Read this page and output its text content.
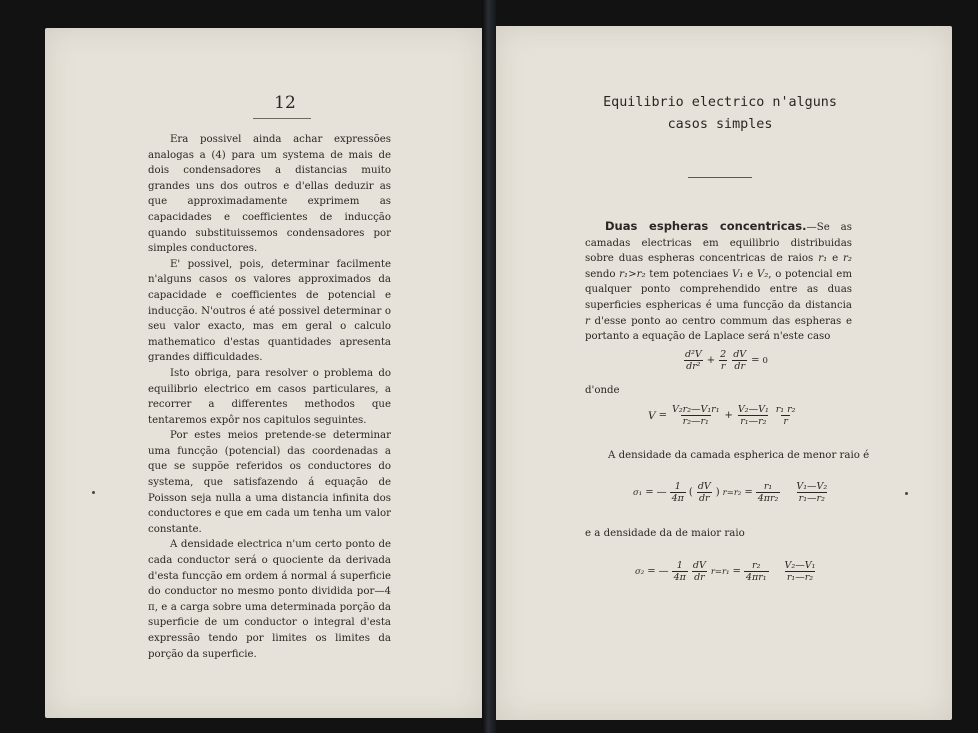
12

Era possivel ainda achar expressões analogas a (4) para um systema de mais de dois condensadores a distancias muito grandes uns dos outros e d'ellas deduzir as que approximadamente exprimem as capacidades e coefficientes de inducção quando substituissemos condensadores por simples conductores.

E' possivel, pois, determinar facilmente n'alguns casos os valores approximados da capacidade e coefficientes de potencial e inducção. N'outros é até possivel determinar o seu valor exacto, mas em geral o calculo mathematico d'estas quantidades apresenta grandes difficuldades.

Isto obriga, para resolver o problema do equilibrio electrico em casos particulares, a recorrer a differentes methodos que tentaremos expôr nos capitulos seguintes.

Por estes meios pretende-se determinar uma funcção (potencial) das coordenadas a que se suppõe referidos os conductores do systema, que satisfazendo á equação de Poisson seja nulla a uma distancia infinita dos conductores e que em cada um tenha um valor constante.

A densidade electrica n'um certo ponto de cada conductor será o quociente da derivada d'esta funcção em ordem á normal á superficie do conductor no mesmo ponto dividida por—4 π, e a carga sobre uma determinada porção da superficie de um conductor o integral d'esta expressão tendo por limites os limites da porção da superficie.

Equilibrio electrico n'alguns
casos simples

Duas espheras concentricas.—Se as camadas electricas em equilibrio distribuidas sobre duas espheras concentricas de raios r₁ e r₂ sendo r₁>r₂ tem potenciaes V₁ e V₂, o potencial em qualquer ponto comprehendido entre as duas superficies esphericas é uma funcção da distancia r d'esse ponto ao centro commum das espheras e portanto a equação de Laplace será n'este caso

$\frac{\text{d²V}}{\text{dr²}} + \frac{2}{r} \frac{dV}{dr} = 0$
d'onde
$V = \frac{\text{V₂r₂—V₁r₁}}{\text{r₂—r₁}} + \frac{\text{V₂—V₁}}{\text{r₁—r₂}} \frac{\text{r₁ r₂}}{r}$
A densidade da camada espherica de menor raio é
σ₁ = — $\frac{1}{4\pi}$ ( $\frac{dV}{dr}$ ) $r=r_2 = \frac{\text{r₁}}{\text{4πr₂}} \frac{\text{V₁—V₂}}{\text{r₁—r₂}}$
e a densidade da de maior raio
σ₂ = — $\frac{1}{4\pi} \frac{dV}{dr} r=r_1 = \frac{\text{r₂}}{\text{4πr₁}} \frac{\text{V₂—V₁}}{\text{r₁—r₂}}$
